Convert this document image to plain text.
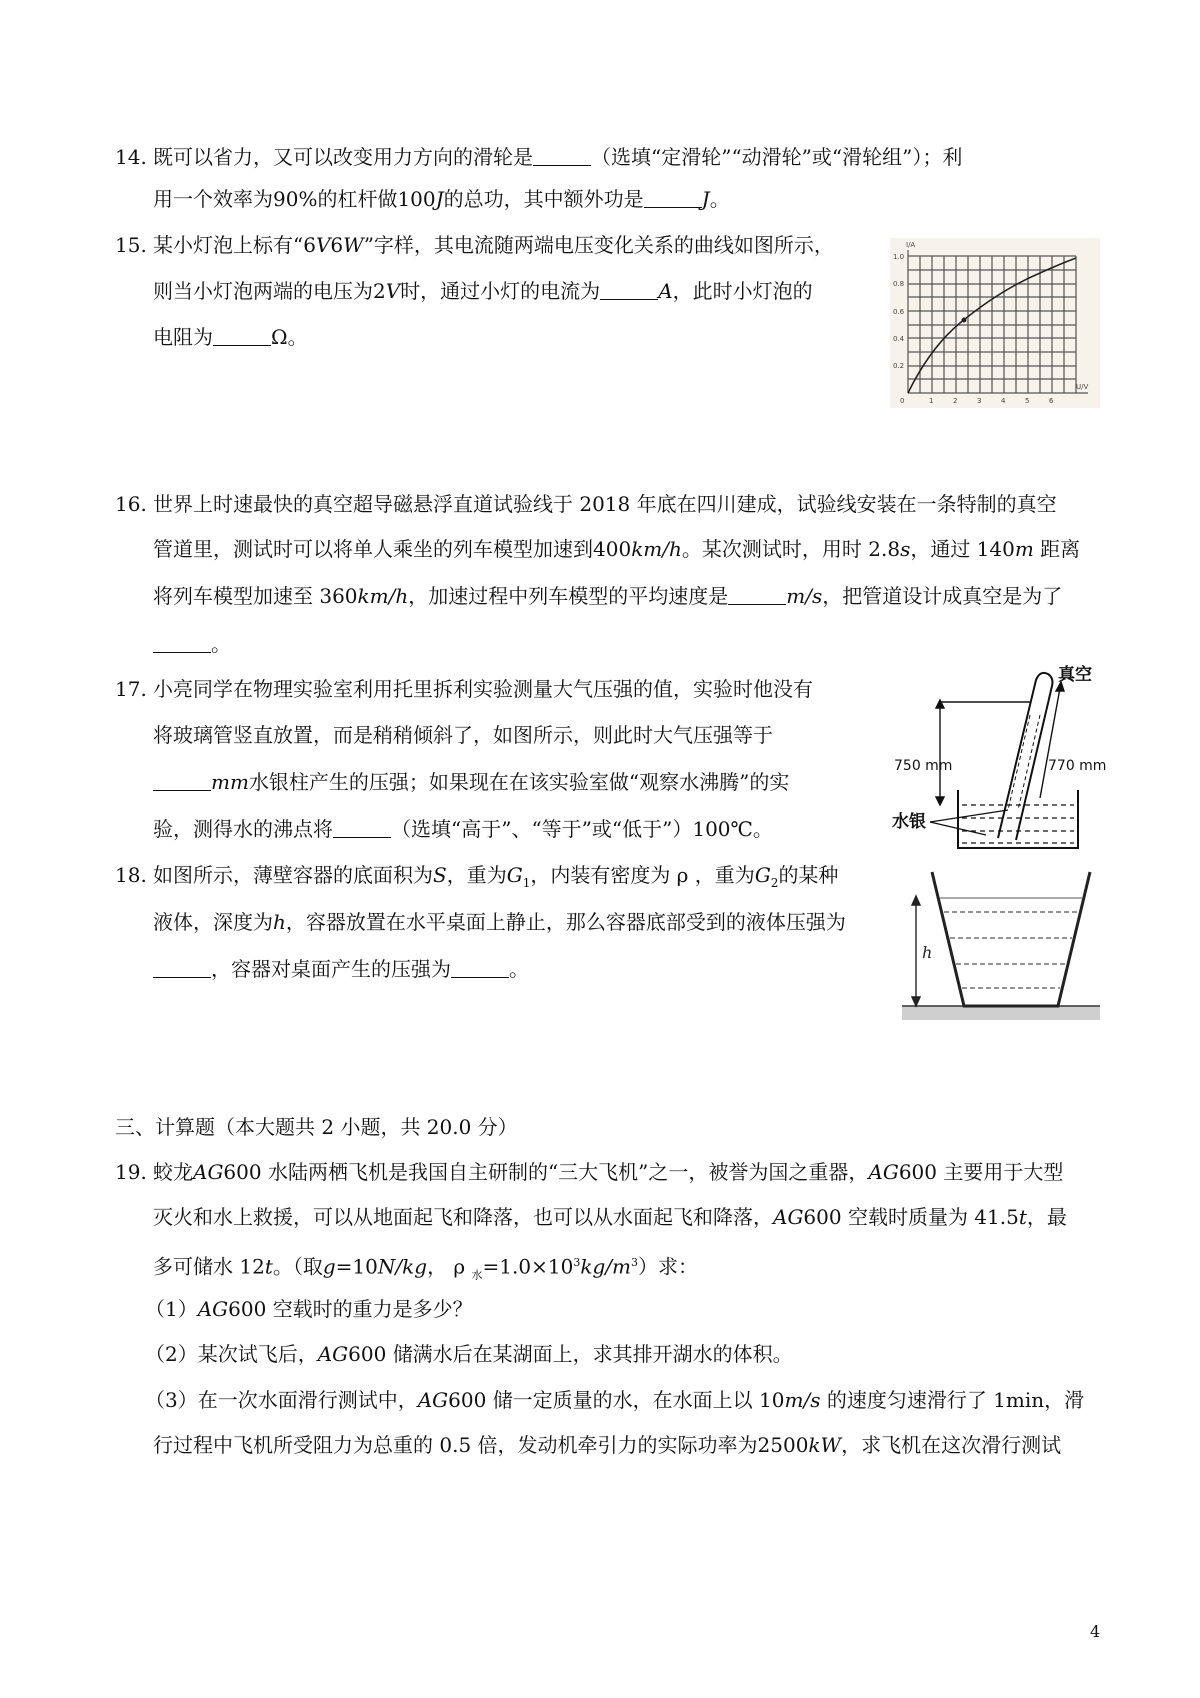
14. 既可以省力，又可以改变用力方向的滑轮是	（选填“定滑轮”“动滑轮”或“滑轮组”）；利
用一个效率为90%的杠杆做100J的总功，其中额外功是	J。
15. 某小灯泡上标有“6V6W”字样，其电流随两端电压变化关系的曲线如图所示，
则当小灯泡两端的电压为2V时，通过小灯的电流为	A，此时小灯泡的
电阻为	Ω。
I/A
U/V
1.0
0.8
0.6
0.4
0.2
0	1	2	3	4	5	6
16. 世界上时速最快的真空超导磁悬浮直道试验线于 2018 年底在四川建成，试验线安装在一条特制的真空
管道里，测试时可以将单人乘坐的列车模型加速到400km/h。某次测试时，用时 2.8s，通过 140m 距离
将列车模型加速至 360km/h，加速过程中列车模型的平均速度是	m/s，把管道设计成真空是为了
。
17. 小亮同学在物理实验室利用托里拆利实验测量大气压强的值，实验时他没有
将玻璃管竖直放置，而是稍稍倾斜了，如图所示，则此时大气压强等于
mm水银柱产生的压强；如果现在在该实验室做“观察水沸腾”的实
验，测得水的沸点将	（选填“高于”、“等于”或“低于”）100℃。
真空
750 mm	770 mm
水银
18. 如图所示，薄壁容器的底面积为S，重为$G_1$，内装有密度为 ρ ，重为$G_2$的某种
液体，深度为h，容器放置在水平桌面上静止，那么容器底部受到的液体压强为
，容器对桌面产生的压强为	。
h
三、计算题（本大题共 2 小题，共 20.0 分）
19. 蛟龙AG600 水陆两栖飞机是我国自主研制的“三大飞机”之一，被誉为国之重器，AG600 主要用于大型
灭火和水上救援，可以从地面起飞和降落，也可以从水面起飞和降落，AG600 空载时质量为 41.5t，最
多可储水 12t。（取g=10N/kg， ρ $_水=1.0\times 10^3kg/m^3$）求：
（1）AG600 空载时的重力是多少？
（2）某次试飞后，AG600 储满水后在某湖面上，求其排开湖水的体积。
（3）在一次水面滑行测试中，AG600 储一定质量的水，在水面上以 10m/s 的速度匀速滑行了 1min，滑
行过程中飞机所受阻力为总重的 0.5 倍，发动机牵引力的实际功率为2500kW，求飞机在这次滑行测试
4
